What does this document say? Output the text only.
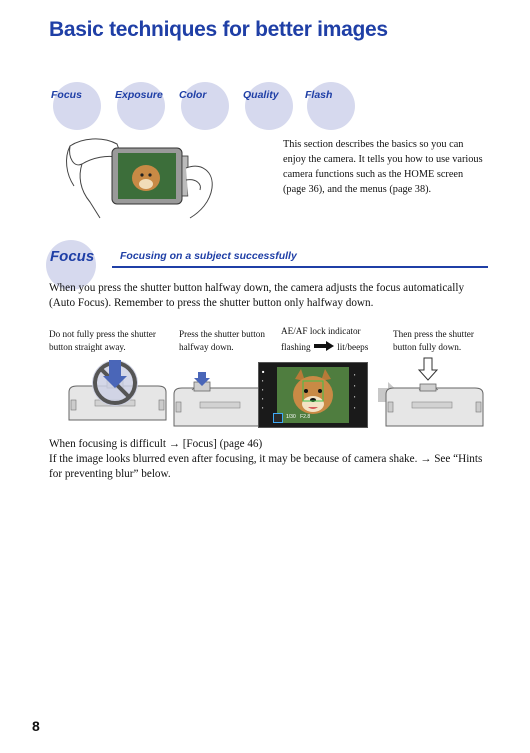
Basic techniques for better images
Focus	Exposure Color	Quality	Flash
This section describes the basics so you can enjoy the camera. It tells you how to use various camera functions such as the HOME screen (page 36), and the menus (page 38).
Focus Focusing on a subject successfully
When you press the shutter button halfway down, the camera adjusts the focus automatically (Auto Focus). Remember to press the shutter button only halfway down.
Do not fully press the shutter button straight away.
Press the shutter button halfway down.
AE/AF lock indicator
flashing	lit/beeps
Then press the shutter button fully down.
■
▪
▪
▪
▪
▪
▪
▪
▪
1/30 F2.8
When focusing is difficult → [Focus] (page 46)
If the image looks blurred even after focusing, it may be because of camera shake. → See “Hints for preventing blur” below.
8
